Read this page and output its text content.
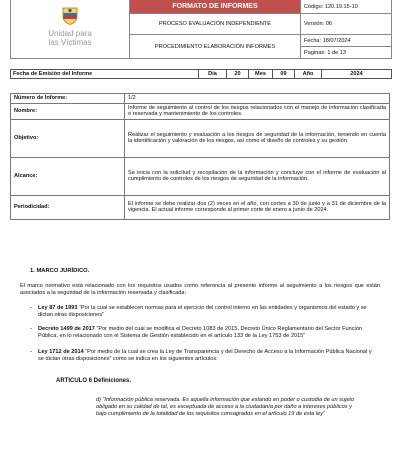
Unidad para
las Víctimas
FORMATO DE INFORMES
PROCESO EVALUACIÓN INDEPENDIENTE
PROCEDIMIENTO ELABORACIÓN INFORMES
Código: 120.19.15-10
Versión: 06
Fecha: 18/07/2024
Paginas: 1 de 13
Fecha de Emisión del Informe	Día	20	Mes	09	Año	2024
Número de Informe:	1/2
Nombre:	Informe de seguimiento al control de los riesgos relacionados con el manejo de información clasificada o reservada y mantenimiento de los controles.
Objetivo:	Realizar el seguimiento y evaluación a los riesgos de seguridad de la información, teniendo en cuenta la identificación y valoración de los riesgos, así como el diseño de controles y su gestión.
Alcance:	Se inicia con la solicitud y recopilación de la información y concluye con el informe de evaluación al cumplimiento de controles de los riesgos de seguridad de la información.
Periodicidad:	El informe se debe realizar dos (2) veces en el año, con cortes a 30 de junio y a 31 de diciembre de la vigencia. El actual informe corresponde al primer corte de enero a junio de 2024.
1. MARCO JURÍDICO.
El marco normativo está relacionado con los requisitos usados como referencia al presente informe al seguimiento a los riesgos que están asociados a la seguridad de la información reservada y clasificada:
- Ley 87 de 1993 “Por la cual se establecen normas para el ejercicio del control interno en las entidades y organismos del estado y se dictan otras disposiciones”
- Decreto 1499 de 2017 “Por medio del cual se modifica el Decreto 1083 de 2015, Decreto Único Reglamentario del Sector Función Pública, en lo relacionado con el Sistema de Gestión establecido en el artículo 133 de la Ley 1753 de 2015”
- Ley 1712 de 2014 “Por medio de la cual se crea la Ley de Transparencia y del Derecho de Acceso a la Información Pública Nacional y se dictan otras disposiciones” como se indica en los siguientes artículos:
ARTICULO 6 Definiciones.
d) “Información pública reservada. Es aquella información que estando en poder o custodia de un sujeto obligado en su calidad de tal, es exceptuada de acceso a la ciudadanía por daño a intereses públicos y bajo cumplimiento de la totalidad de los requisitos consagrados en el artículo 19 de esta ley”
